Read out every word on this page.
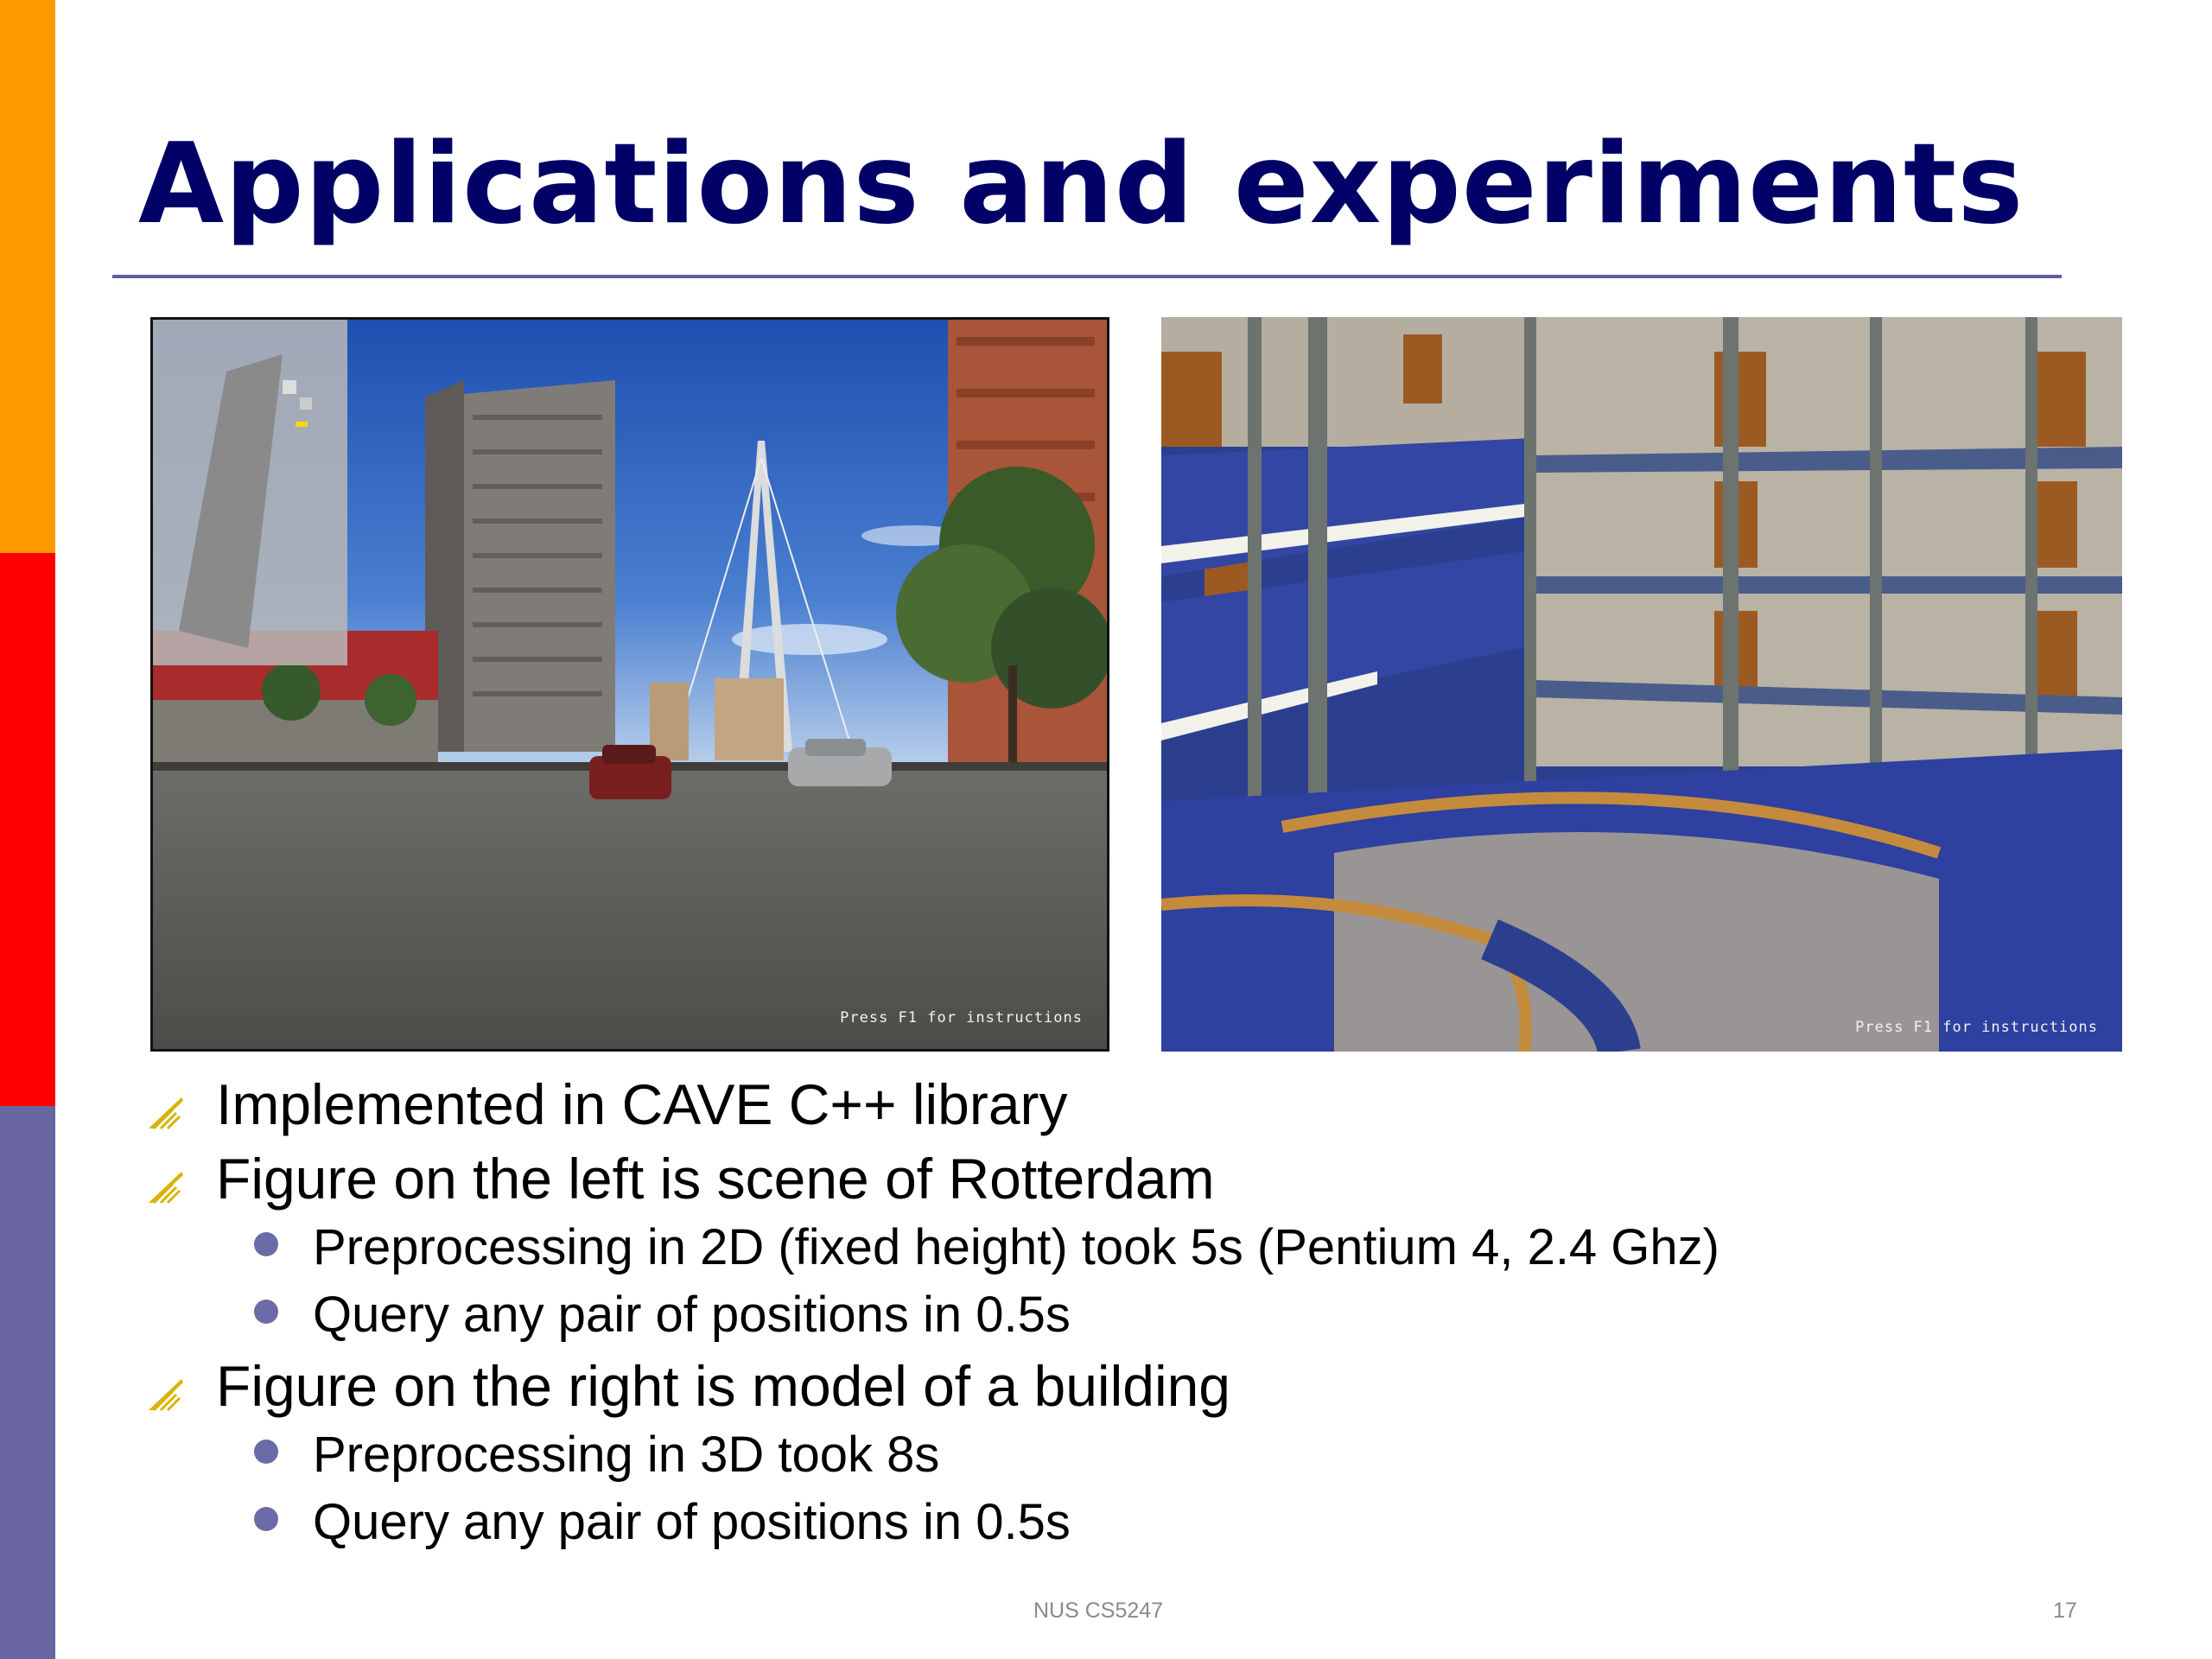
Applications and experiments
Press F1 for instructions
Press F1 for instructions
Implemented in CAVE C++ library
Figure on the left is scene of Rotterdam
Preprocessing in 2D (fixed height) took 5s (Pentium 4, 2.4 Ghz)
Query any pair of positions in 0.5s
Figure on the right is model of a building
Preprocessing in 3D took 8s
Query any pair of positions in 0.5s
NUS CS5247	17
